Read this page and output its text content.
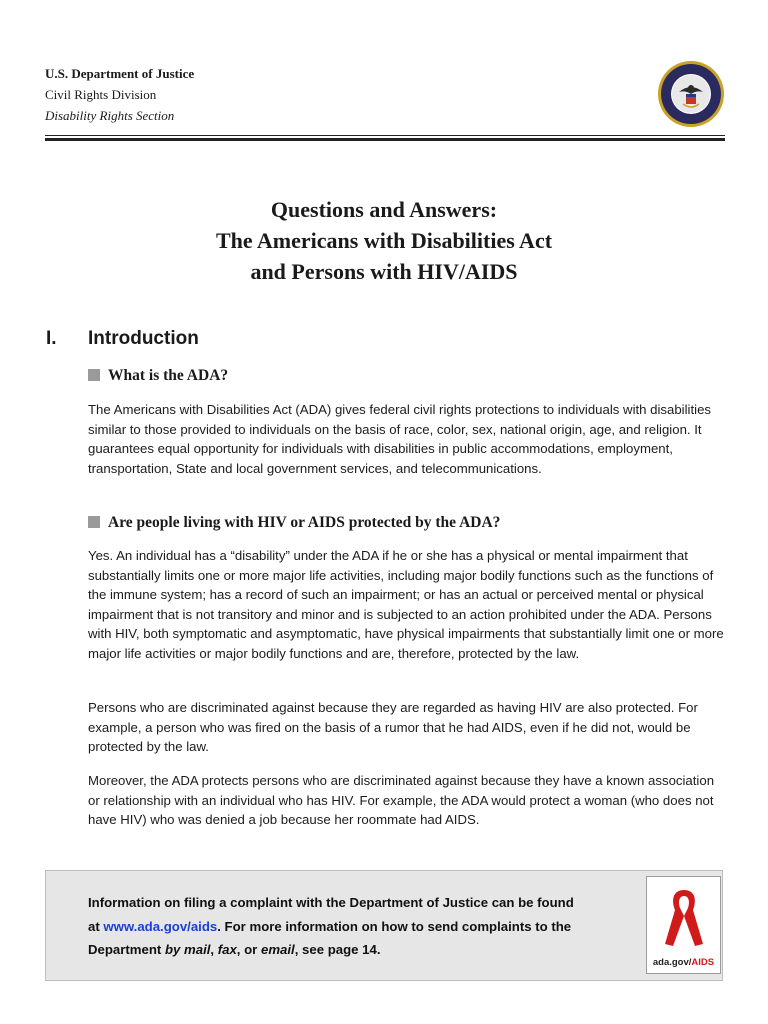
U.S. Department of Justice
Civil Rights Division
Disability Rights Section
Questions and Answers:
The Americans with Disabilities Act
and Persons with HIV/AIDS
I. Introduction
What is the ADA?
The Americans with Disabilities Act (ADA) gives federal civil rights protections to individuals with disabilities similar to those provided to individuals on the basis of race, color, sex, national origin, age, and religion. It guarantees equal opportunity for individuals with disabilities in public accommodations, employment, transportation, State and local government services, and telecommunications.
Are people living with HIV or AIDS protected by the ADA?
Yes. An individual has a “disability” under the ADA if he or she has a physical or mental impairment that substantially limits one or more major life activities, including major bodily functions such as the functions of the immune system; has a record of such an impairment; or has an actual or perceived mental or physical impairment that is not transitory and minor and is subjected to an action prohibited under the ADA. Persons with HIV, both symptomatic and asymptomatic, have physical impairments that substantially limit one or more major life activities or major bodily functions and are, therefore, protected by the law.
Persons who are discriminated against because they are regarded as having HIV are also protected. For example, a person who was fired on the basis of a rumor that he had AIDS, even if he did not, would be protected by the law.
Moreover, the ADA protects persons who are discriminated against because they have a known association or relationship with an individual who has HIV. For example, the ADA would protect a woman (who does not have HIV) who was denied a job because her roommate had AIDS.
Information on filing a complaint with the Department of Justice can be found at www.ada.gov/aids. For more information on how to send complaints to the Department by mail, fax, or email, see page 14.
ada.gov/AIDS
